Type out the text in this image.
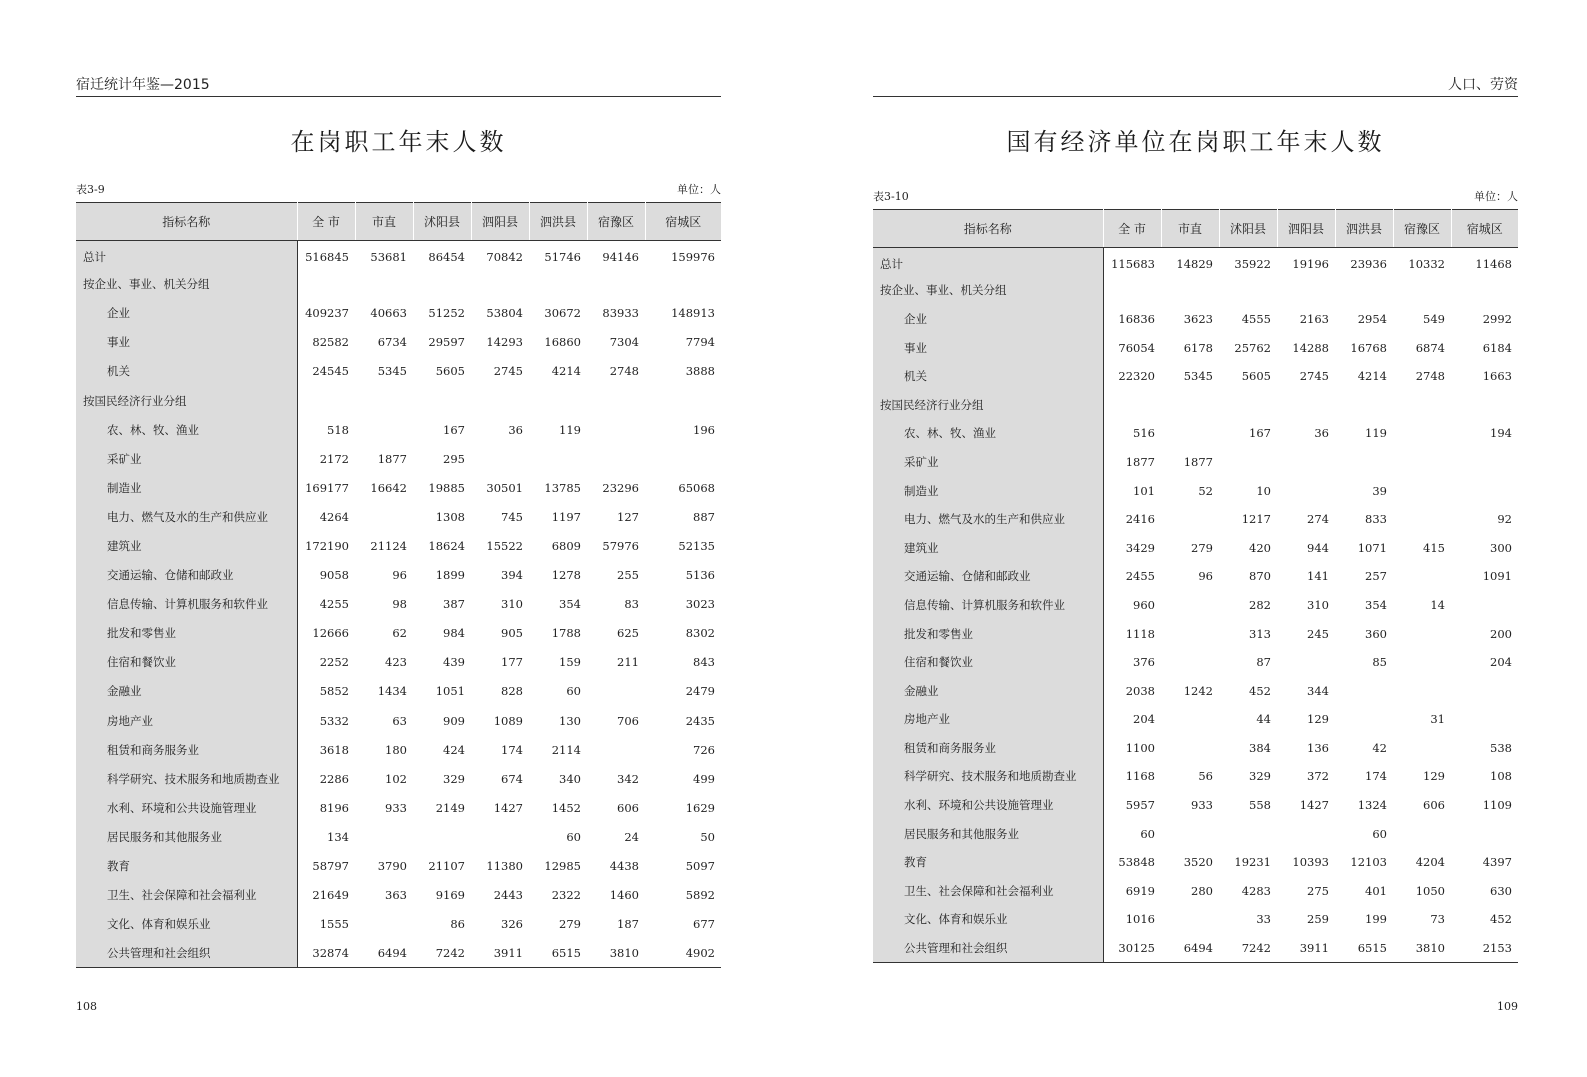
宿迁统计年鉴—2015
在岗职工年末人数
表3-9	单位：人
指标名称	全 市	市直	沭阳县	泗阳县	泗洪县	宿豫区	宿城区
总计	516845	53681	86454	70842	51746	94146	159976
按企业、事业、机关分组							
企业	409237	40663	51252	53804	30672	83933	148913
事业	82582	6734	29597	14293	16860	7304	7794
机关	24545	5345	5605	2745	4214	2748	3888
按国民经济行业分组							
农、林、牧、渔业	518		167	36	119		196
采矿业	2172	1877	295				
制造业	169177	16642	19885	30501	13785	23296	65068
电力、燃气及水的生产和供应业	4264		1308	745	1197	127	887
建筑业	172190	21124	18624	15522	6809	57976	52135
交通运输、仓储和邮政业	9058	96	1899	394	1278	255	5136
信息传输、计算机服务和软件业	4255	98	387	310	354	83	3023
批发和零售业	12666	62	984	905	1788	625	8302
住宿和餐饮业	2252	423	439	177	159	211	843
金融业	5852	1434	1051	828	60		2479
房地产业	5332	63	909	1089	130	706	2435
租赁和商务服务业	3618	180	424	174	2114		726
科学研究、技术服务和地质勘查业	2286	102	329	674	340	342	499
水利、环境和公共设施管理业	8196	933	2149	1427	1452	606	1629
居民服务和其他服务业	134				60	24	50
教育	58797	3790	21107	11380	12985	4438	5097
卫生、社会保障和社会福利业	21649	363	9169	2443	2322	1460	5892
文化、体育和娱乐业	1555		86	326	279	187	677
公共管理和社会组织	32874	6494	7242	3911	6515	3810	4902
108
人口、劳资
国有经济单位在岗职工年末人数
表3-10	单位：人
指标名称	全 市	市直	沭阳县	泗阳县	泗洪县	宿豫区	宿城区
总计	115683	14829	35922	19196	23936	10332	11468
按企业、事业、机关分组							
企业	16836	3623	4555	2163	2954	549	2992
事业	76054	6178	25762	14288	16768	6874	6184
机关	22320	5345	5605	2745	4214	2748	1663
按国民经济行业分组							
农、林、牧、渔业	516		167	36	119		194
采矿业	1877	1877					
制造业	101	52	10		39		
电力、燃气及水的生产和供应业	2416		1217	274	833		92
建筑业	3429	279	420	944	1071	415	300
交通运输、仓储和邮政业	2455	96	870	141	257		1091
信息传输、计算机服务和软件业	960		282	310	354	14	
批发和零售业	1118		313	245	360		200
住宿和餐饮业	376		87		85		204
金融业	2038	1242	452	344			
房地产业	204		44	129		31	
租赁和商务服务业	1100		384	136	42		538
科学研究、技术服务和地质勘查业	1168	56	329	372	174	129	108
水利、环境和公共设施管理业	5957	933	558	1427	1324	606	1109
居民服务和其他服务业	60				60		
教育	53848	3520	19231	10393	12103	4204	4397
卫生、社会保障和社会福利业	6919	280	4283	275	401	1050	630
文化、体育和娱乐业	1016		33	259	199	73	452
公共管理和社会组织	30125	6494	7242	3911	6515	3810	2153
109
